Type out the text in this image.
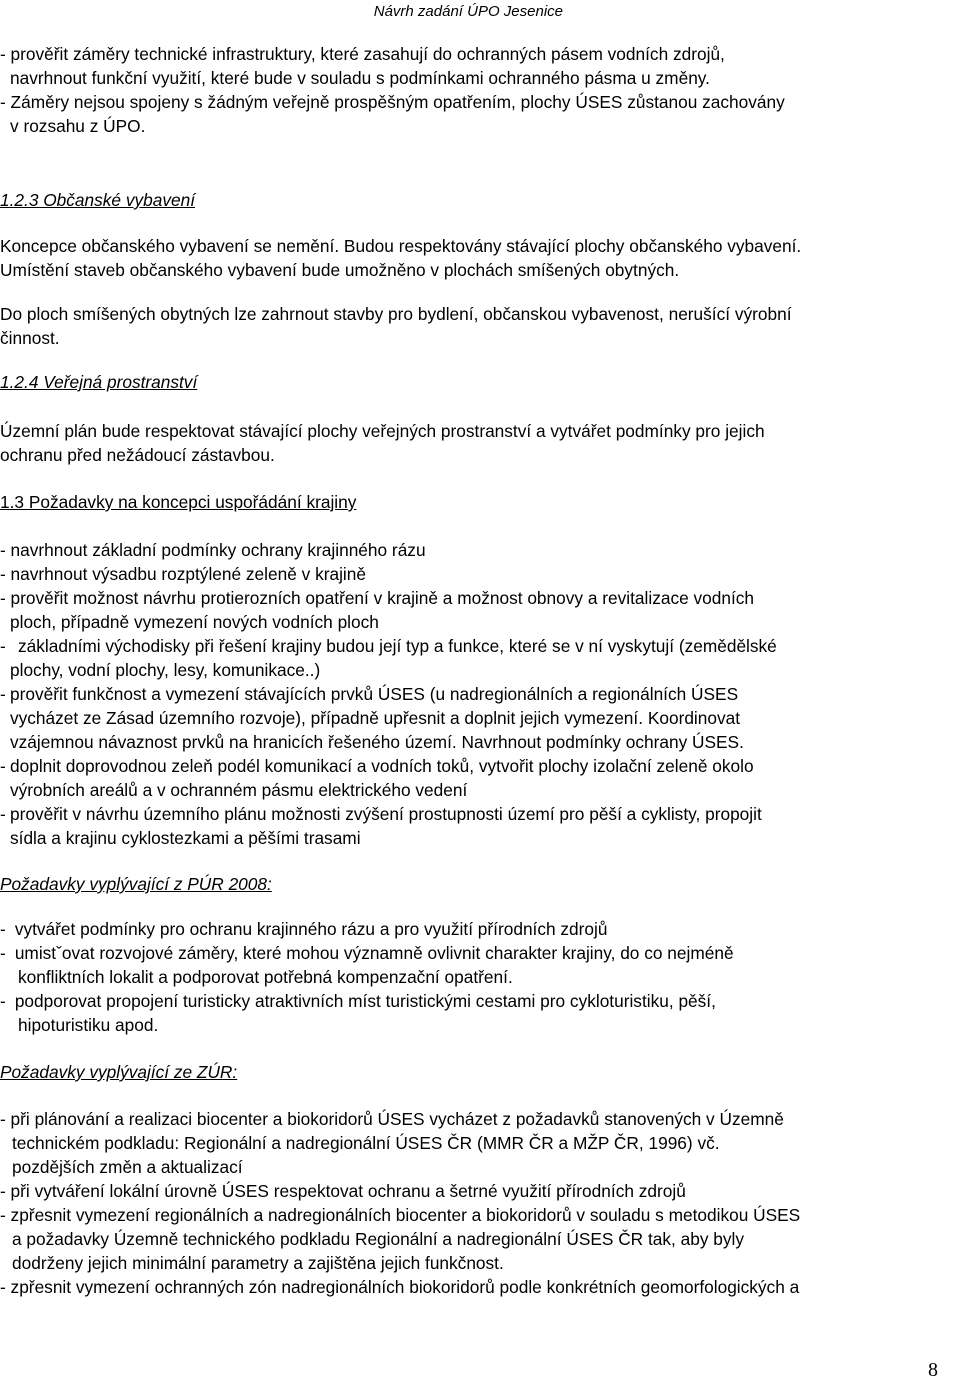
Návrh zadání ÚPO Jesenice
- prověřit záměry technické infrastruktury, které zasahují do ochranných pásem vodních zdrojů,
navrhnout funkční využití, které bude v souladu s podmínkami ochranného pásma u změny.
- Záměry nejsou spojeny s žádným veřejně prospěšným opatřením, plochy ÚSES zůstanou zachovány
v rozsahu z ÚPO.
1.2.3 Občanské vybavení
Koncepce občanského vybavení se nemění. Budou respektovány stávající plochy občanského vybavení.
Umístění staveb občanského vybavení bude umožněno v plochách smíšených obytných.
Do ploch smíšených obytných lze zahrnout stavby pro bydlení, občanskou vybavenost, nerušící výrobní
činnost.
1.2.4 Veřejná prostranství
Územní plán bude respektovat stávající plochy veřejných prostranství a vytvářet podmínky pro jejich
ochranu před nežádoucí zástavbou.
1.3 Požadavky na koncepci uspořádání krajiny
- navrhnout základní podmínky ochrany krajinného rázu
- navrhnout výsadbu rozptýlené zeleně v krajině
- prověřit možnost návrhu protierozních opatření v krajině a možnost obnovy a revitalizace vodních
ploch, případně vymezení nových vodních ploch
- základními východisky při řešení krajiny budou její typ a funkce, které se v ní vyskytují (zemědělské
plochy, vodní plochy, lesy, komunikace..)
- prověřit funkčnost a vymezení stávajících prvků ÚSES (u nadregionálních a regionálních ÚSES
vycházet ze Zásad územního rozvoje), případně upřesnit a doplnit jejich vymezení. Koordinovat
vzájemnou návaznost prvků na hranicích řešeného území. Navrhnout podmínky ochrany ÚSES.
- doplnit doprovodnou zeleň podél komunikací a vodních toků, vytvořit plochy izolační zeleně okolo
výrobních areálů a v ochranném pásmu elektrického vedení
- prověřit v návrhu územního plánu možnosti zvýšení prostupnosti území pro pěší a cyklisty, propojit
sídla a krajinu cyklostezkami a pěšími trasami
Požadavky vyplývající z PÚR 2008:
- vytvářet podmínky pro ochranu krajinného rázu a pro využití přírodních zdrojů
- umistˇovat rozvojové záměry, které mohou významně ovlivnit charakter krajiny, do co nejméně
konfliktních lokalit a podporovat potřebná kompenzační opatření.
- podporovat propojení turisticky atraktivních míst turistickými cestami pro cykloturistiku, pěší,
hipoturistiku apod.
Požadavky vyplývající ze ZÚR:
- při plánování a realizaci biocenter a biokoridorů ÚSES vycházet z požadavků stanovených v Územně
technickém podkladu: Regionální a nadregionální ÚSES ČR (MMR ČR a MŽP ČR, 1996) vč.
pozdějších změn a aktualizací
- při vytváření lokální úrovně ÚSES respektovat ochranu a šetrné využití přírodních zdrojů
- zpřesnit vymezení regionálních a nadregionálních biocenter a biokoridorů v souladu s metodikou ÚSES
a požadavky Územně technického podkladu Regionální a nadregionální ÚSES ČR tak, aby byly
dodrženy jejich minimální parametry a zajištěna jejich funkčnost.
- zpřesnit vymezení ochranných zón nadregionálních biokoridorů podle konkrétních geomorfologických a
8
